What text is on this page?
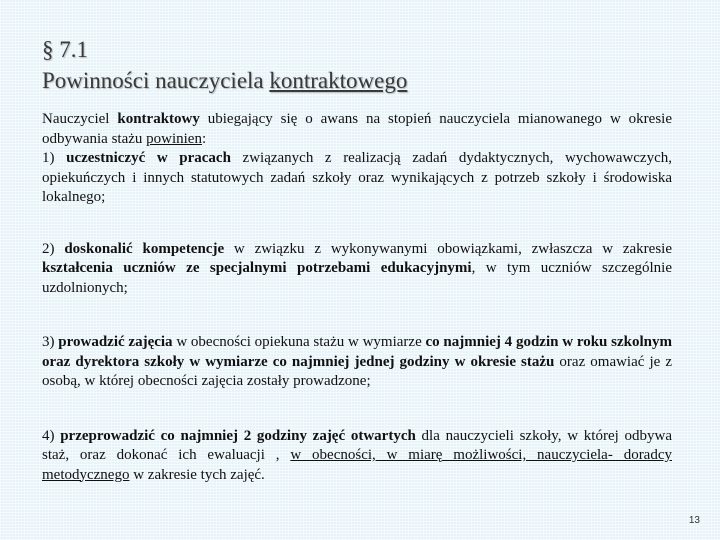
§ 7.1
Powinności nauczyciela kontraktowego

Nauczyciel kontraktowy ubiegający się o awans na stopień nauczyciela mianowanego w okresie odbywania stażu powinien:

1) uczestniczyć w pracach związanych z realizacją zadań dydaktycznych, wychowawczych, opiekuńczych i innych statutowych zadań szkoły oraz wynikających z potrzeb szkoły i środowiska lokalnego;

2) doskonalić kompetencje w związku z wykonywanymi obowiązkami, zwłaszcza w zakresie kształcenia uczniów ze specjalnymi potrzebami edukacyjnymi, w tym uczniów szczególnie uzdolnionych;

3) prowadzić zajęcia w obecności opiekuna stażu w wymiarze co najmniej 4 godzin w roku szkolnym oraz dyrektora szkoły w wymiarze co najmniej jednej godziny w okresie stażu oraz omawiać je z osobą, w której obecności zajęcia zostały prowadzone;

4) przeprowadzić co najmniej 2 godziny zajęć otwartych dla nauczycieli szkoły, w której odbywa staż, oraz dokonać ich ewaluacji , w obecności, w miarę możliwości, nauczyciela- doradcy metodycznego w zakresie tych zajęć.

13
